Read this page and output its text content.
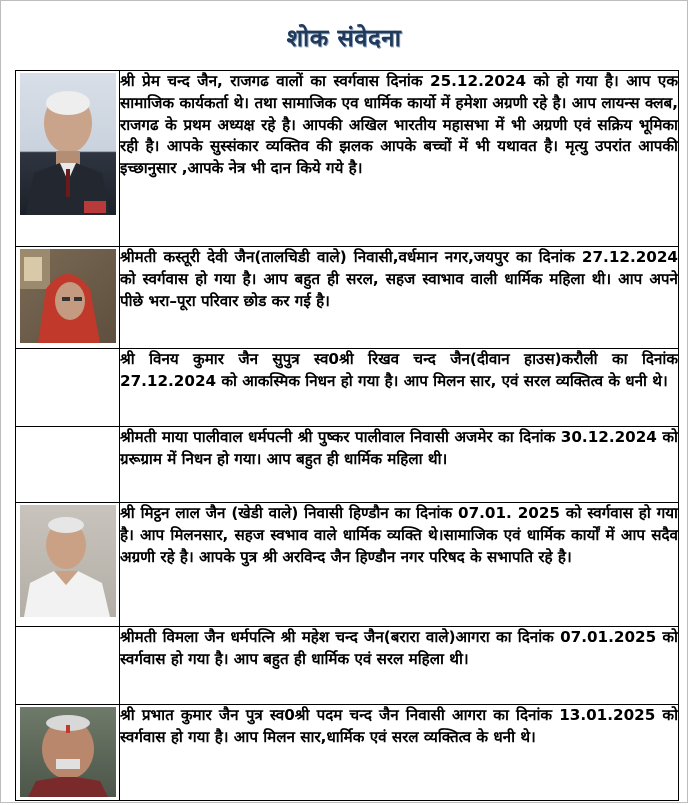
शोक संवेदना
	श्री प्रेम चन्द जैन, राजगढ वालों का स्वर्गवास दिनांक 25.12.2024 को हो गया है। आप एक सामाजिक कार्यकर्ता थे। तथा सामाजिक एव धार्मिक कार्यो में हमेशा अग्रणी रहे है। आप लायन्स क्लब, राजगढ के प्रथम अध्यक्ष रहे है। आपकी अखिल भारतीय महासभा में भी अग्रणी एवं सक्रिय भूमिका रही है। आपके सुस्संकार व्यक्तिव की झलक आपके बच्चों में भी यथावत है। मृत्यु उपरांत आपकी इच्छानुसार ,आपके नेत्र भी दान किये गये है।

	श्रीमती कस्तूरी देवी जैन(तालचिडी वाले) निवासी,वर्धमान नगर,जयपुर का दिनांक 27.12.2024 को स्वर्गवास हो गया है। आप बहुत ही सरल, सहज स्वाभाव वाली धार्मिक महिला थी। आप अपने पीछे भरा–पूरा परिवार छोड कर गई है।
	श्री विनय कुमार जैन सुपुत्र स्व0श्री रिखव चन्द जैन(दीवान हाउस)करौली का दिनांक 27.12.2024 को आकस्मिक निधन हो गया है। आप मिलन सार, एवं सरल व्यक्तित्व के धनी थे।
	श्रीमती माया पालीवाल धर्मपत्नी श्री पुष्कर पालीवाल निवासी अजमेर का दिनांक 30.12.2024 को ग्ररूग्राम में निधन हो गया। आप बहुत ही धार्मिक महिला थी।

	श्री मिट्ठन लाल जैन (खेडी वाले) निवासी हिण्डौन का दिनांक 07.01. 2025 को स्वर्गवास हो गया है। आप मिलनसार, सहज स्वभाव वाले धार्मिक व्यक्ति थे।सामाजिक एवं धार्मिक कार्यों में आप सदैव अग्रणी रहे है। आपके पुत्र श्री अरविन्द जैन हिण्डौन नगर परिषद के सभापति रहे है।
	श्रीमती विमला जैन धर्मपत्नि श्री महेश चन्द जैन(बरारा वाले)आगरा का दिनांक 07.01.2025 को स्वर्गवास हो गया है। आप बहुत ही धार्मिक एवं सरल महिला थी।

	श्री प्रभात कुमार जैन पुत्र स्व0श्री पदम चन्द जैन निवासी आगरा का दिनांक 13.01.2025 को स्वर्गवास हो गया है। आप मिलन सार,धार्मिक एवं सरल व्यक्तित्व के धनी थे।
